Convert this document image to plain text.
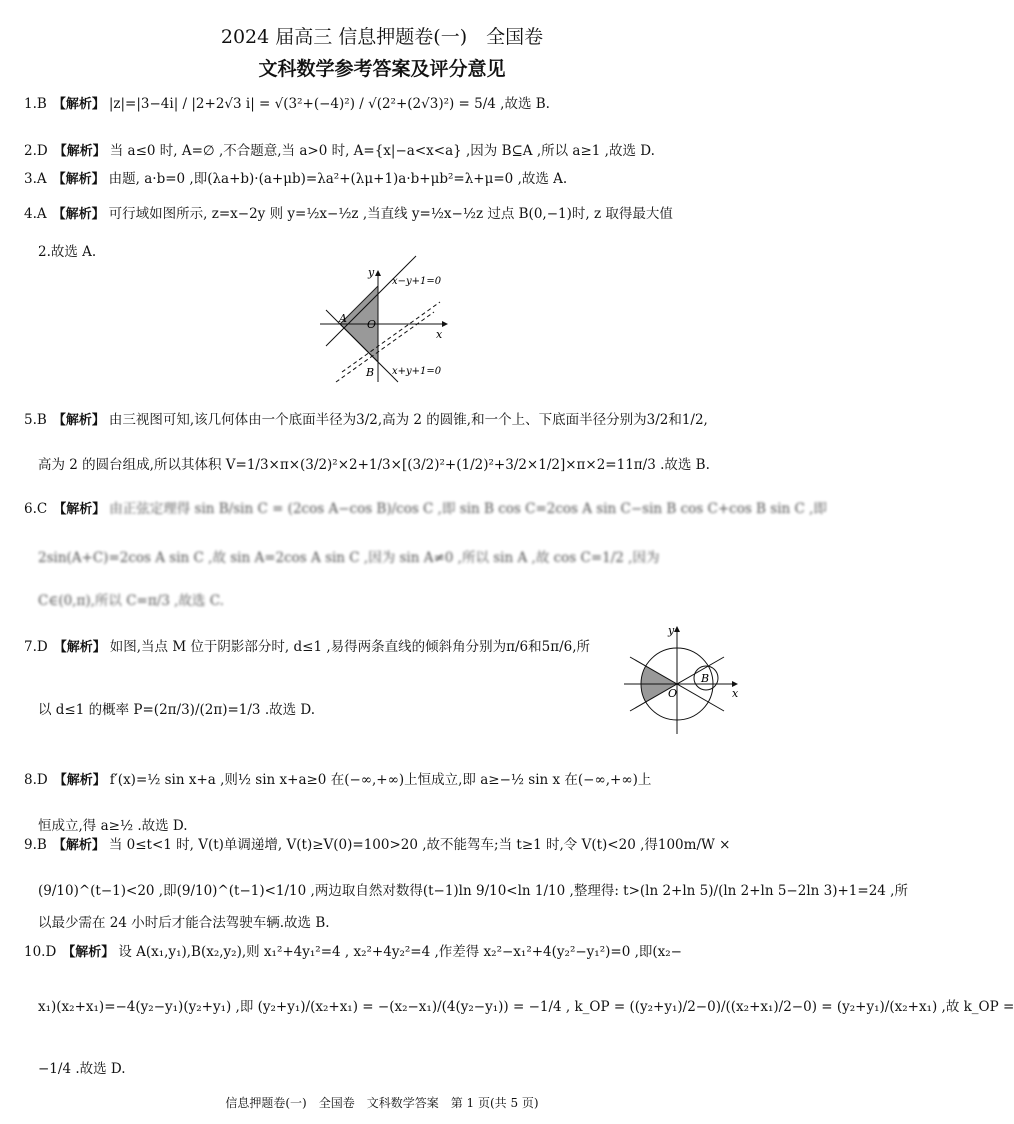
2024 届高三 信息押题卷(一)　全国卷
文科数学参考答案及评分意见
1.B 【解析】 |z|=|3−4i| / |2+2√3 i| = √(3²+(−4)²) / √(2²+(2√3)²) = 5/4 ,故选 B.
2.D 【解析】 当 a≤0 时, A=∅ ,不合题意,当 a>0 时, A={x|−a<x<a} ,因为 B⊆A ,所以 a≥1 ,故选 D.
3.A 【解析】 由题, a·b=0 ,即(λa+b)·(a+μb)=λa²+(λμ+1)a·b+μb²=λ+μ=0 ,故选 A.
4.A 【解析】 可行域如图所示, z=x−2y 则 y=½x−½z ,当直线 y=½x−½z 过点 B(0,−1)时, z 取得最大值
2.故选 A.
x−y+1=0
x+y+1=0
x
y
A O
B
5.B 【解析】 由三视图可知,该几何体由一个底面半径为3/2,高为 2 的圆锥,和一个上、下底面半径分别为3/2和1/2,
高为 2 的圆台组成,所以其体积 V=1/3×π×(3/2)²×2+1/3×[(3/2)²+(1/2)²+3/2×1/2]×π×2=11π/3 .故选 B.
6.C 【解析】 由正弦定理得 sin B/sin C = (2cos A−cos B)/cos C ,即 sin B cos C=2cos A sin C−sin B cos C+cos B sin C ,即
2sin(A+C)=2cos A sin C ,故 sin A=2cos A sin C ,因为 sin A≠0 ,所以 sin A ,故 cos C=1/2 ,因为
C∈(0,π),所以 C=π/3 ,故选 C.
7.D 【解析】 如图,当点 M 位于阴影部分时, d≤1 ,易得两条直线的倾斜角分别为π/6和5π/6,所
以 d≤1 的概率 P=(2π/3)/(2π)=1/3 .故选 D.
x
y
O
B
8.D 【解析】 f′(x)=½ sin x+a ,则½ sin x+a≥0 在(−∞,+∞)上恒成立,即 a≥−½ sin x 在(−∞,+∞)上
恒成立,得 a≥½ .故选 D.
9.B 【解析】 当 0≤t<1 时, V(t)单调递增, V(t)≥V(0)=100>20 ,故不能驾车;当 t≥1 时,令 V(t)<20 ,得100m/W ×
(9/10)^(t−1)<20 ,即(9/10)^(t−1)<1/10 ,两边取自然对数得(t−1)ln 9/10<ln 1/10 ,整理得: t>(ln 2+ln 5)/(ln 2+ln 5−2ln 3)+1=24 ,所
以最少需在 24 小时后才能合法驾驶车辆.故选 B.
10.D 【解析】 设 A(x₁,y₁),B(x₂,y₂),则 x₁²+4y₁²=4 , x₂²+4y₂²=4 ,作差得 x₂²−x₁²+4(y₂²−y₁²)=0 ,即(x₂−
x₁)(x₂+x₁)=−4(y₂−y₁)(y₂+y₁) ,即 (y₂+y₁)/(x₂+x₁) = −(x₂−x₁)/(4(y₂−y₁)) = −1/4 , k_OP = ((y₂+y₁)/2−0)/((x₂+x₁)/2−0) = (y₂+y₁)/(x₂+x₁) ,故 k_OP =
−1/4 .故选 D.
信息押题卷(一)　全国卷　文科数学答案　第 1 页(共 5 页)
